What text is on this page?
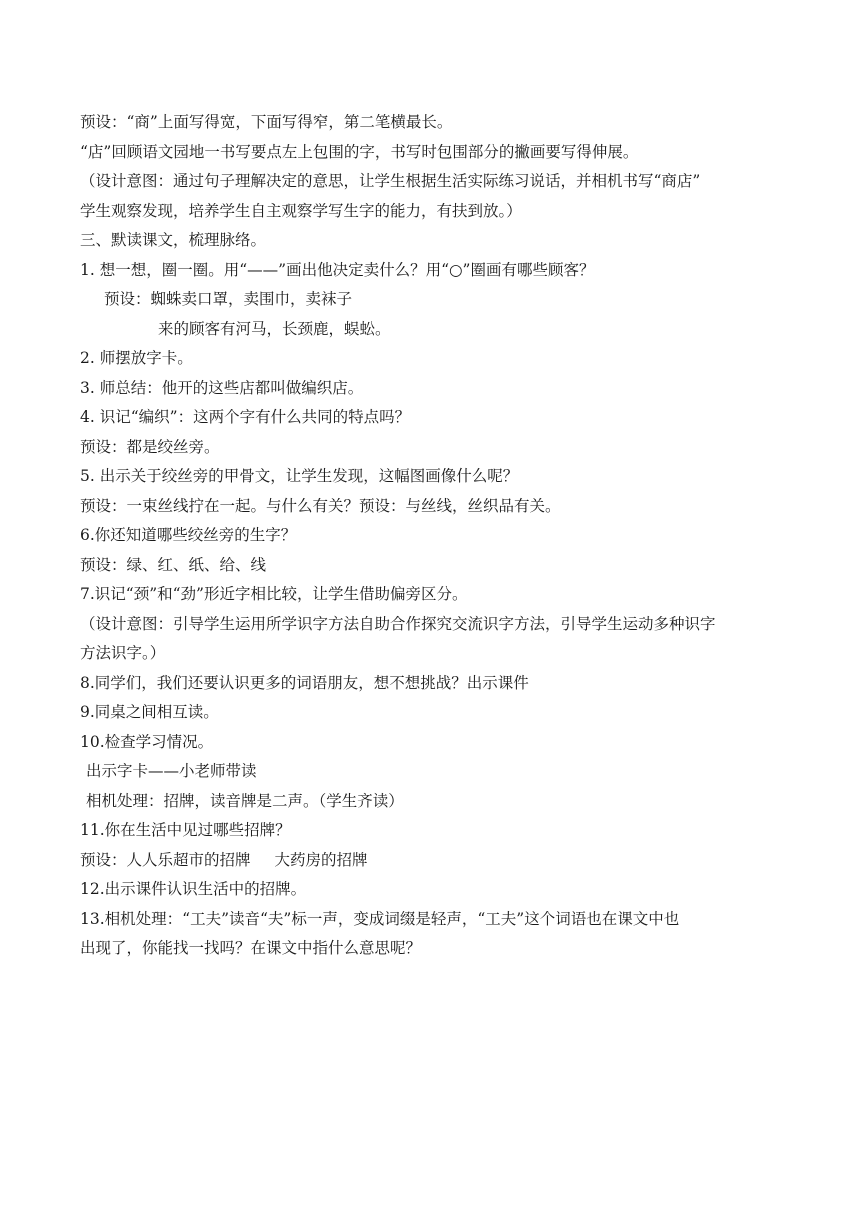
预设：“商”上面写得宽，下面写得窄，第二笔横最长。
“店”回顾语文园地一书写要点左上包围的字，书写时包围部分的撇画要写得伸展。
（设计意图：通过句子理解决定的意思，让学生根据生活实际练习说话，并相机书写“商店”
学生观察发现，培养学生自主观察学写生字的能力，有扶到放。）
三、默读课文，梳理脉络。
1. 想一想，圈一圈。用“——”画出他决定卖什么？用“○”圈画有哪些顾客？
预设：蜘蛛卖口罩，卖围巾，卖袜子
来的顾客有河马，长颈鹿，蜈蚣。
2. 师摆放字卡。
3. 师总结：他开的这些店都叫做编织店。
4. 识记“编织”：这两个字有什么共同的特点吗？
预设：都是绞丝旁。
5. 出示关于绞丝旁的甲骨文，让学生发现，这幅图画像什么呢？
预设：一束丝线拧在一起。与什么有关？预设：与丝线，丝织品有关。
6.你还知道哪些绞丝旁的生字？
预设：绿、红、纸、给、线
7.识记“颈”和“劲”形近字相比较，让学生借助偏旁区分。
（设计意图：引导学生运用所学识字方法自助合作探究交流识字方法，引导学生运动多种识字
方法识字。）
8.同学们，我们还要认识更多的词语朋友，想不想挑战？出示课件
9.同桌之间相互读。
10.检查学习情况。
出示字卡——小老师带读
相机处理：招牌，读音牌是二声。（学生齐读）
11.你在生活中见过哪些招牌？
预设：人人乐超市的招牌 大药房的招牌
12.出示课件认识生活中的招牌。
13.相机处理：“工夫”读音“夫”标一声，变成词缀是轻声，“工夫”这个词语也在课文中也
出现了，你能找一找吗？在课文中指什么意思呢？
